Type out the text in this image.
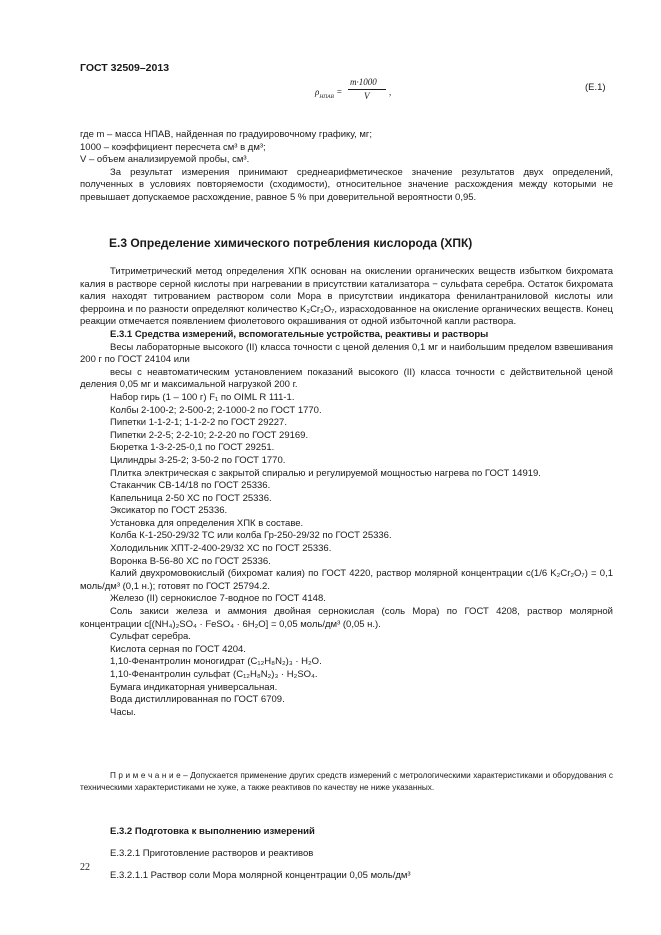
ГОСТ 32509–2013
$\rho_{НПАВ}$ =
m·1000
V ,	(Е.1)

где m – масса НПАВ, найденная по градуировочному графику, мг;

1000 – коэффициент пересчета см³ в дм³;

V – объем анализируемой пробы, см³.

За результат измерения принимают среднеарифметическое значение результатов двух определений, полученных в условиях повторяемости (сходимости), относительное значение расхождения между которыми не превышает допускаемое расхождение, равное 5 % при доверительной вероятности 0,95.

Е.3 Определение химического потребления кислорода (ХПК)

Титриметрический метод определения ХПК основан на окислении органических веществ избытком бихромата калия в растворе серной кислоты при нагревании в присутствии катализатора − сульфата серебра. Остаток бихромата калия находят титрованием раствором соли Мора в присутствии индикатора фенилантраниловой кислоты или ферроина и по разности определяют количество K₂Cr₂O₇, израсходованное на окисление органических веществ. Конец реакции отмечается появлением фиолетового окрашивания от одной избыточной капли раствора.

Е.3.1 Средства измерений, вспомогательные устройства, реактивы и растворы

Весы лабораторные высокого (II) класса точности с ценой деления 0,1 мг и наибольшим пределом взвешивания 200 г по ГОСТ 24104 или

весы с неавтоматическим установлением показаний высокого (II) класса точности с действительной ценой деления 0,05 мг и максимальной нагрузкой 200 г.

Набор гирь (1 – 100 г) F₁ по OIML R 111-1.

Колбы 2-100-2; 2-500-2; 2-1000-2 по ГОСТ 1770.

Пипетки 1-1-2-1; 1-1-2-2 по ГОСТ 29227.

Пипетки 2-2-5; 2-2-10; 2-2-20 по ГОСТ 29169.

Бюретка 1-3-2-25-0,1 по ГОСТ 29251.

Цилиндры 3-25-2; 3-50-2 по ГОСТ 1770.

Плитка электрическая с закрытой спиралью и регулируемой мощностью нагрева по ГОСТ 14919.

Стаканчик СВ-14/18 по ГОСТ 25336.

Капельница 2-50 ХС по ГОСТ 25336.

Эксикатор по ГОСТ 25336.

Установка для определения ХПК в составе.

Колба К-1-250-29/32 ТС или колба Гр-250-29/32 по ГОСТ 25336.

Холодильник ХПТ-2-400-29/32 ХС по ГОСТ 25336.

Воронка В-56-80 ХС по ГОСТ 25336.

Калий двухромовокислый (бихромат калия) по ГОСТ 4220, раствор молярной концентрации c(1/6 K₂Cr₂O₇) = 0,1 моль/дм³ (0,1 н.); готовят по ГОСТ 25794.2.

Железо (II) сернокислое 7-водное по ГОСТ 4148.

Соль закиси железа и аммония двойная сернокислая (соль Мора) по ГОСТ 4208, раствор молярной концентрации c[(NH₄)₂SO₄ · FeSO₄ · 6H₂O] = 0,05 моль/дм³ (0,05 н.).

Сульфат серебра.

Кислота серная по ГОСТ 4204.

1,10-Фенантролин моногидрат (C₁₂H₈N₂)₃ · H₂O.

1,10-Фенантролин сульфат (C₁₂H₈N₂)₃ · H₂SO₄.

Бумага индикаторная универсальная.

Вода дистиллированная по ГОСТ 6709.

Часы.

П р и м е ч а н и е – Допускается применение других средств измерений с метрологическими характеристиками и оборудования с техническими характеристиками не хуже, а также реактивов по качеству не ниже указанных.

Е.3.2 Подготовка к выполнению измерений

Е.3.2.1 Приготовление растворов и реактивов

Е.3.2.1.1 Раствор соли Мора молярной концентрации 0,05 моль/дм³

22
